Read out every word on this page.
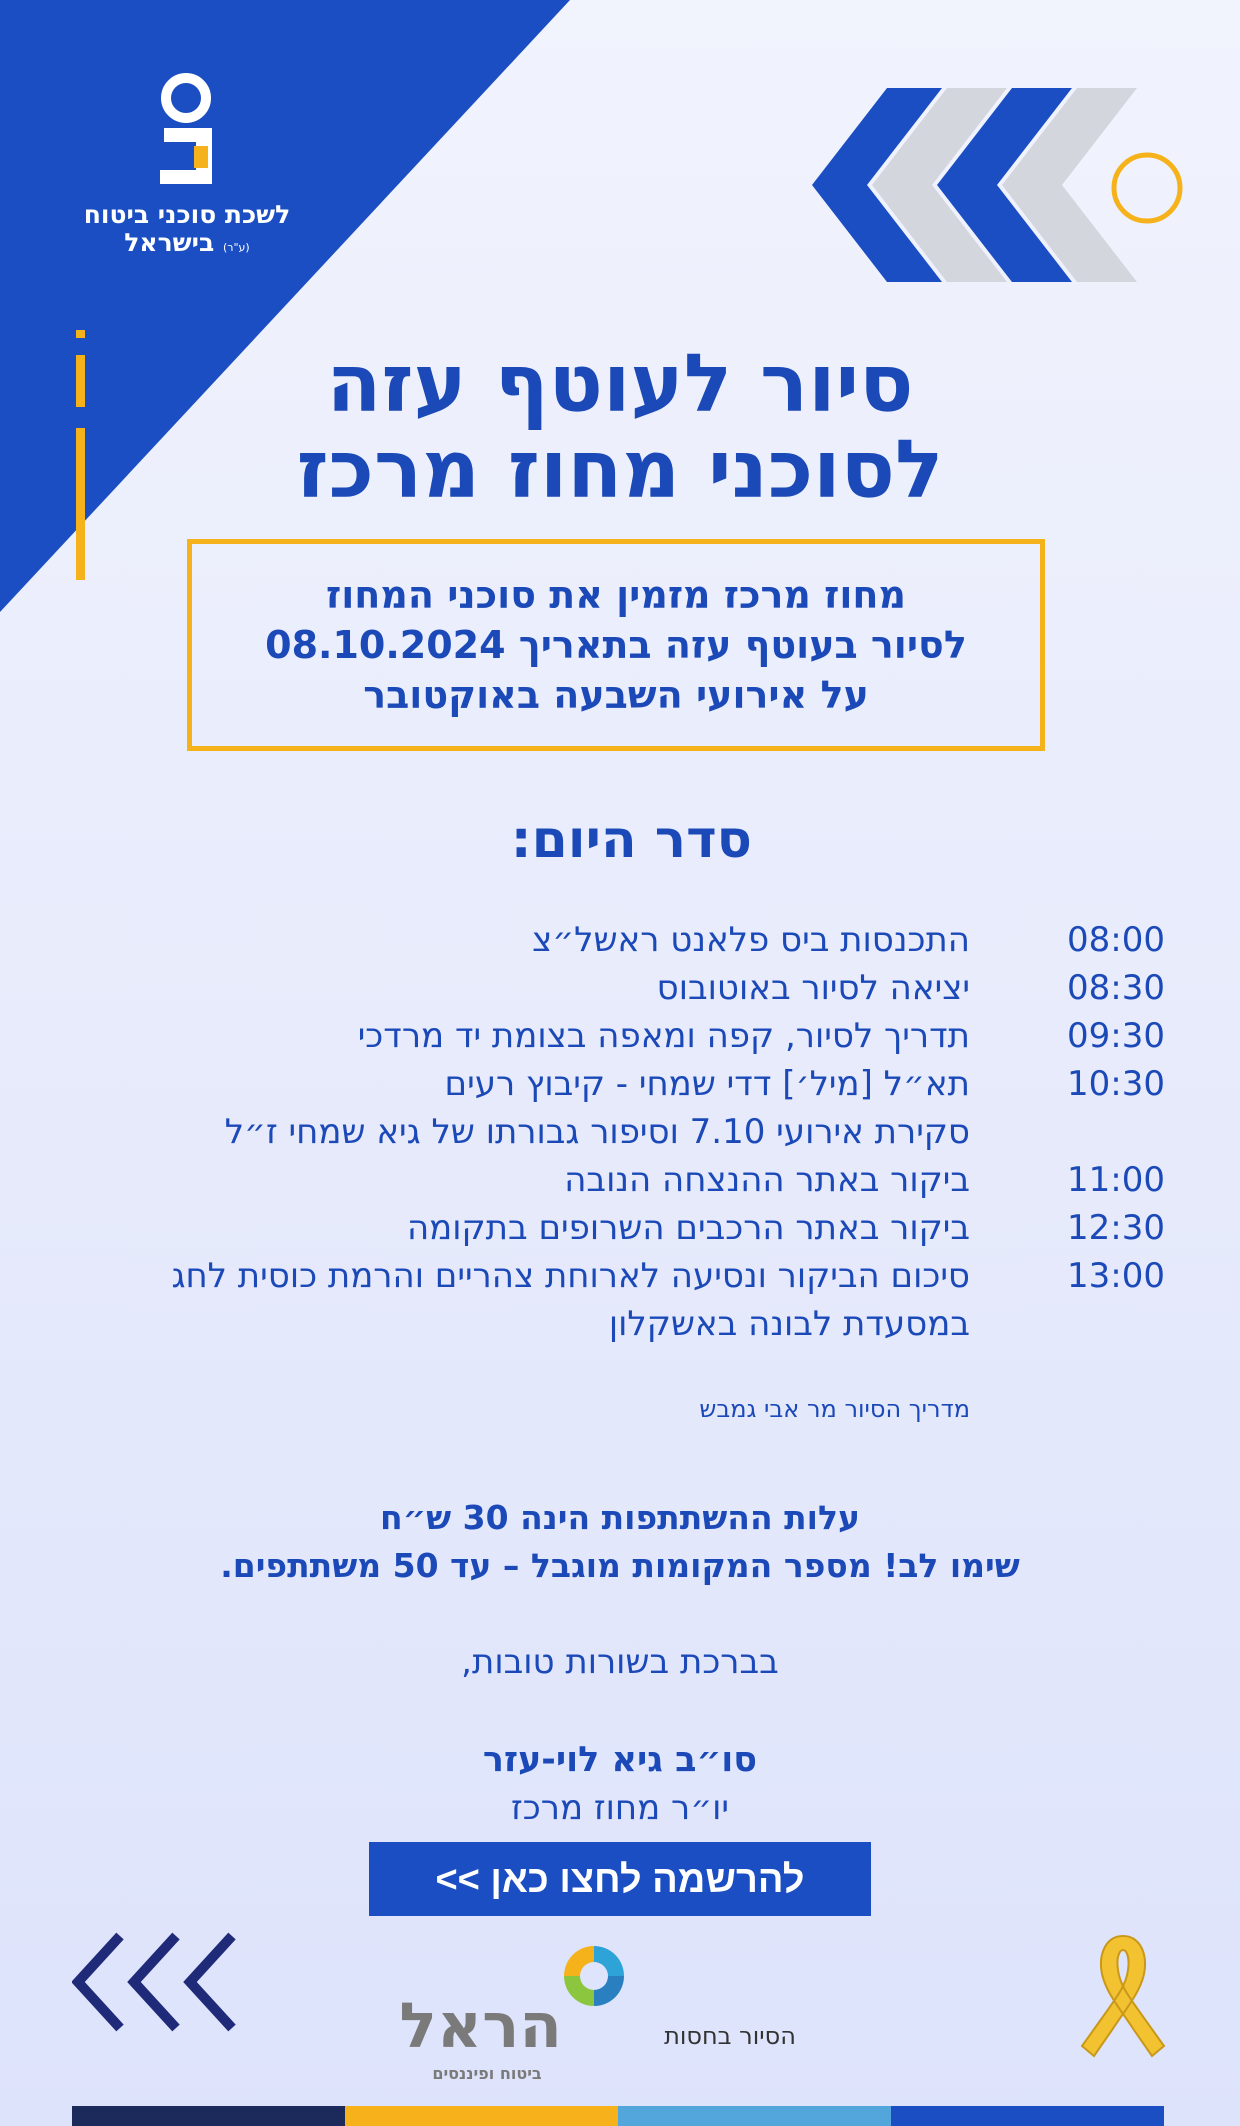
לשכת סוכני ביטוח
(ע"ר) בישראל
סיור לעוטף עזה
לסוכני מחוז מרכז
מחוז מרכז מזמין את סוכני המחוז
לסיור בעוטף עזה בתאריך 08.10.2024
על אירועי השבעה באוקטובר
סדר היום:
08:00
התכנסות ביס פלאנט ראשל״צ
08:30
יציאה לסיור באוטובוס
09:30
תדריך לסיור, קפה ומאפה בצומת יד מרדכי
10:30
תא״ל [מיל׳] דדי שמחי - קיבוץ רעים
סקירת אירועי 7.10 וסיפור גבורתו של גיא שמחי ז״ל
11:00
ביקור באתר ההנצחה הנובה
12:30
ביקור באתר הרכבים השרופים בתקומה
13:00
סיכום הביקור ונסיעה לארוחת צהריים והרמת כוסית לחג
במסעדת לבונה באשקלון
מדריך הסיור מר אבי גמבש
עלות ההשתתפות הינה 30 ש״ח
שימו לב! מספר המקומות מוגבל – עד 50 משתתפים.
בברכת בשורות טובות,
סו״ב גיא לוי-עזר
יו״ר מחוז מרכז
להרשמה לחצו כאן >>
הראל
ביטוח ופיננסים
הסיור בחסות
